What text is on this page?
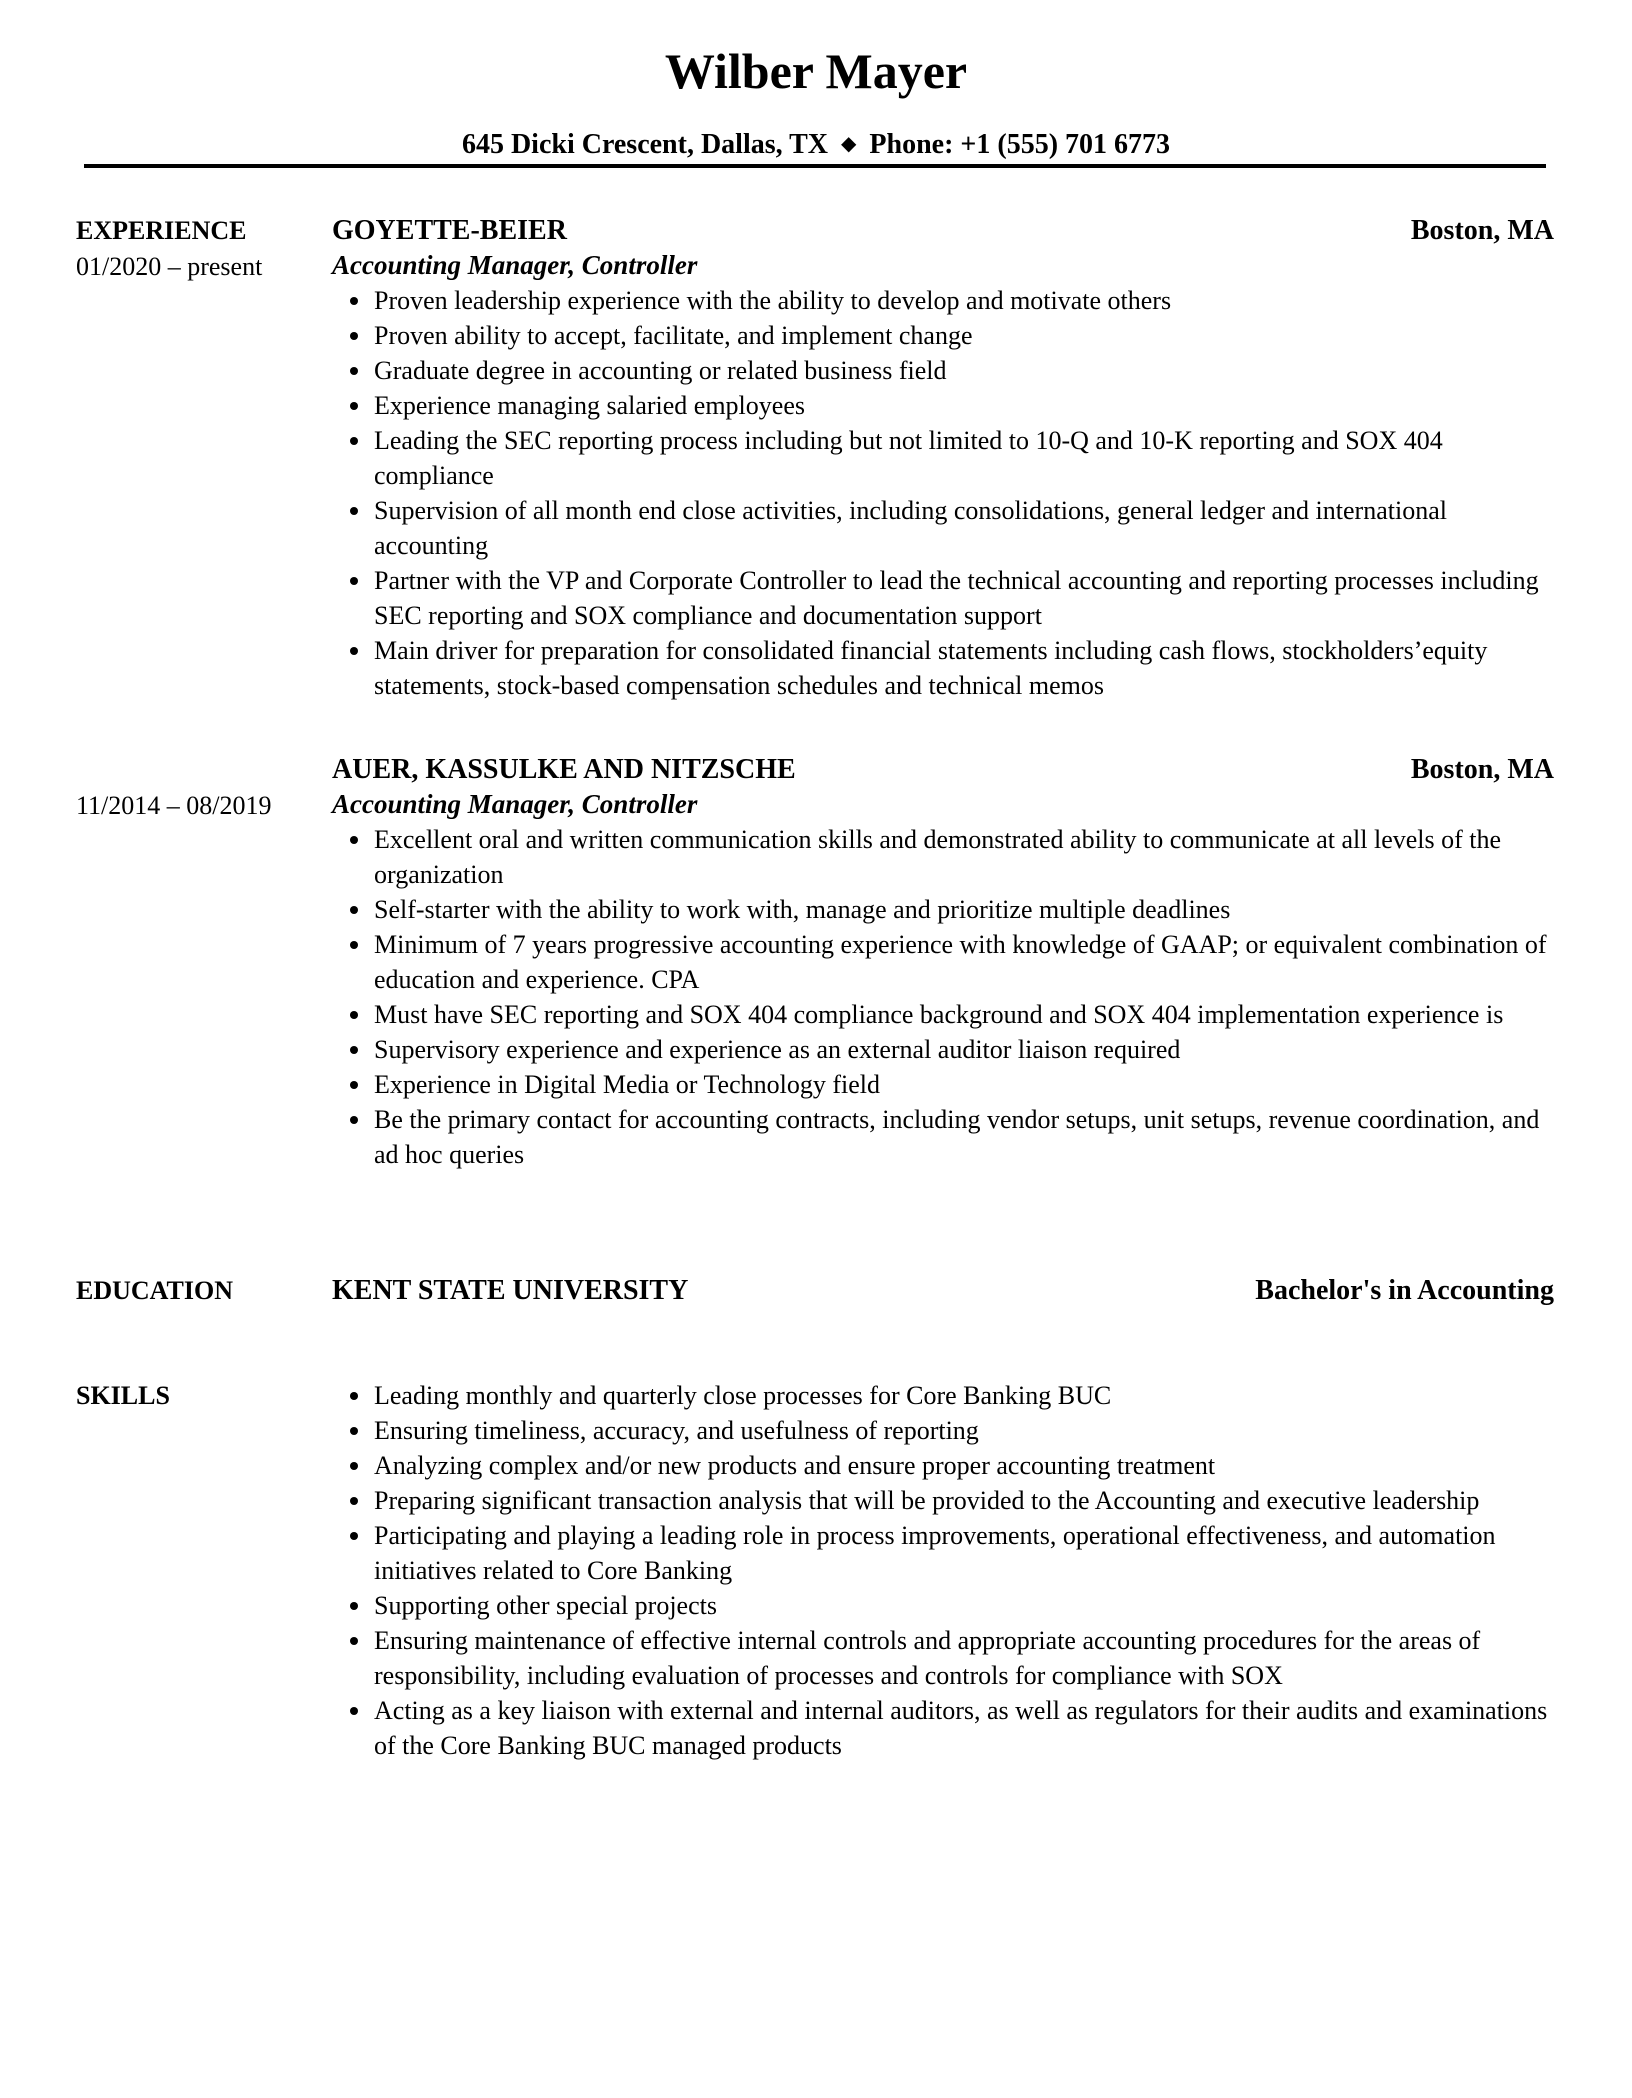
Wilber Mayer
645 Dicki Crescent, Dallas, TX ◆ Phone: +1 (555) 701 6773
EXPERIENCE
01/2020 – present
GOYETTE-BEIER	Boston, MA
Accounting Manager, Controller
Proven leadership experience with the ability to develop and motivate others
Proven ability to accept, facilitate, and implement change
Graduate degree in accounting or related business field
Experience managing salaried employees
Leading the SEC reporting process including but not limited to 10-Q and 10-K reporting and SOX 404 compliance
Supervision of all month end close activities, including consolidations, general ledger and international accounting
Partner with the VP and Corporate Controller to lead the technical accounting and reporting processes including SEC reporting and SOX compliance and documentation support
Main driver for preparation for consolidated financial statements including cash flows, stockholders’equity statements, stock-based compensation schedules and technical memos
11/2014 – 08/2019
AUER, KASSULKE AND NITZSCHE	Boston, MA
Accounting Manager, Controller
Excellent oral and written communication skills and demonstrated ability to communicate at all levels of the organization
Self-starter with the ability to work with, manage and prioritize multiple deadlines
Minimum of 7 years progressive accounting experience with knowledge of GAAP; or equivalent combination of education and experience. CPA
Must have SEC reporting and SOX 404 compliance background and SOX 404 implementation experience is
Supervisory experience and experience as an external auditor liaison required
Experience in Digital Media or Technology field
Be the primary contact for accounting contracts, including vendor setups, unit setups, revenue coordination, and ad hoc queries
EDUCATION	KENT STATE UNIVERSITY	Bachelor's in Accounting
SKILLS	Leading monthly and quarterly close processes for Core Banking BUC
Ensuring timeliness, accuracy, and usefulness of reporting
Analyzing complex and/or new products and ensure proper accounting treatment
Preparing significant transaction analysis that will be provided to the Accounting and executive leadership
Participating and playing a leading role in process improvements, operational effectiveness, and automation initiatives related to Core Banking
Supporting other special projects
Ensuring maintenance of effective internal controls and appropriate accounting procedures for the areas of responsibility, including evaluation of processes and controls for compliance with SOX
Acting as a key liaison with external and internal auditors, as well as regulators for their audits and examinations of the Core Banking BUC managed products
